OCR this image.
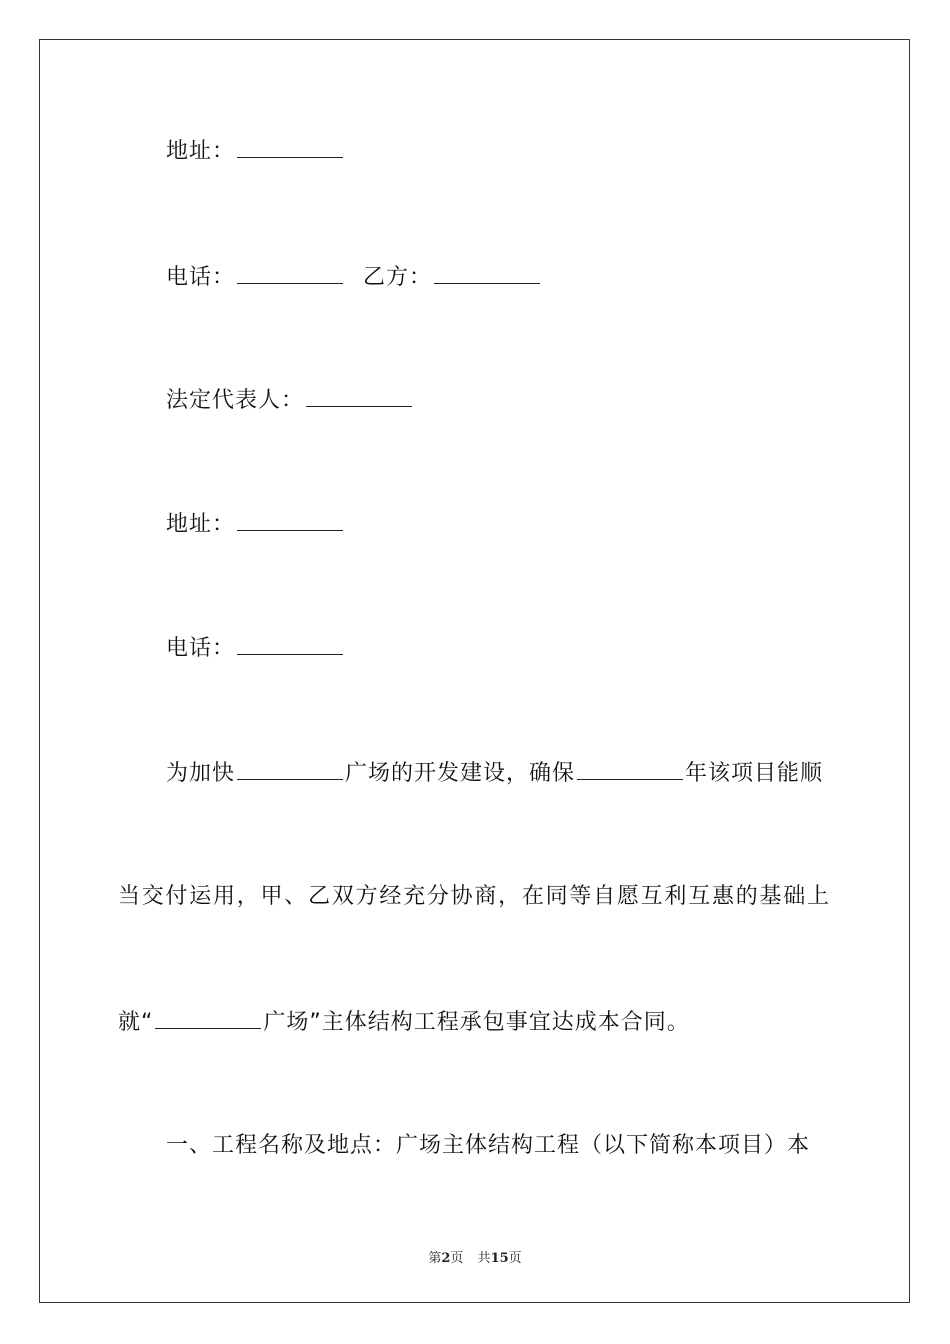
地址：
电话：	乙方：
法定代表人：
地址：
电话：
为加快	广场的开发建设，确保	年该项目能顺
当交付运用，甲、乙双方经充分协商，在同等自愿互利互惠的基础上
就“	广场”主体结构工程承包事宜达成本合同。
一、工程名称及地点：广场主体结构工程（以下简称本项目）本
第2页 共15页
